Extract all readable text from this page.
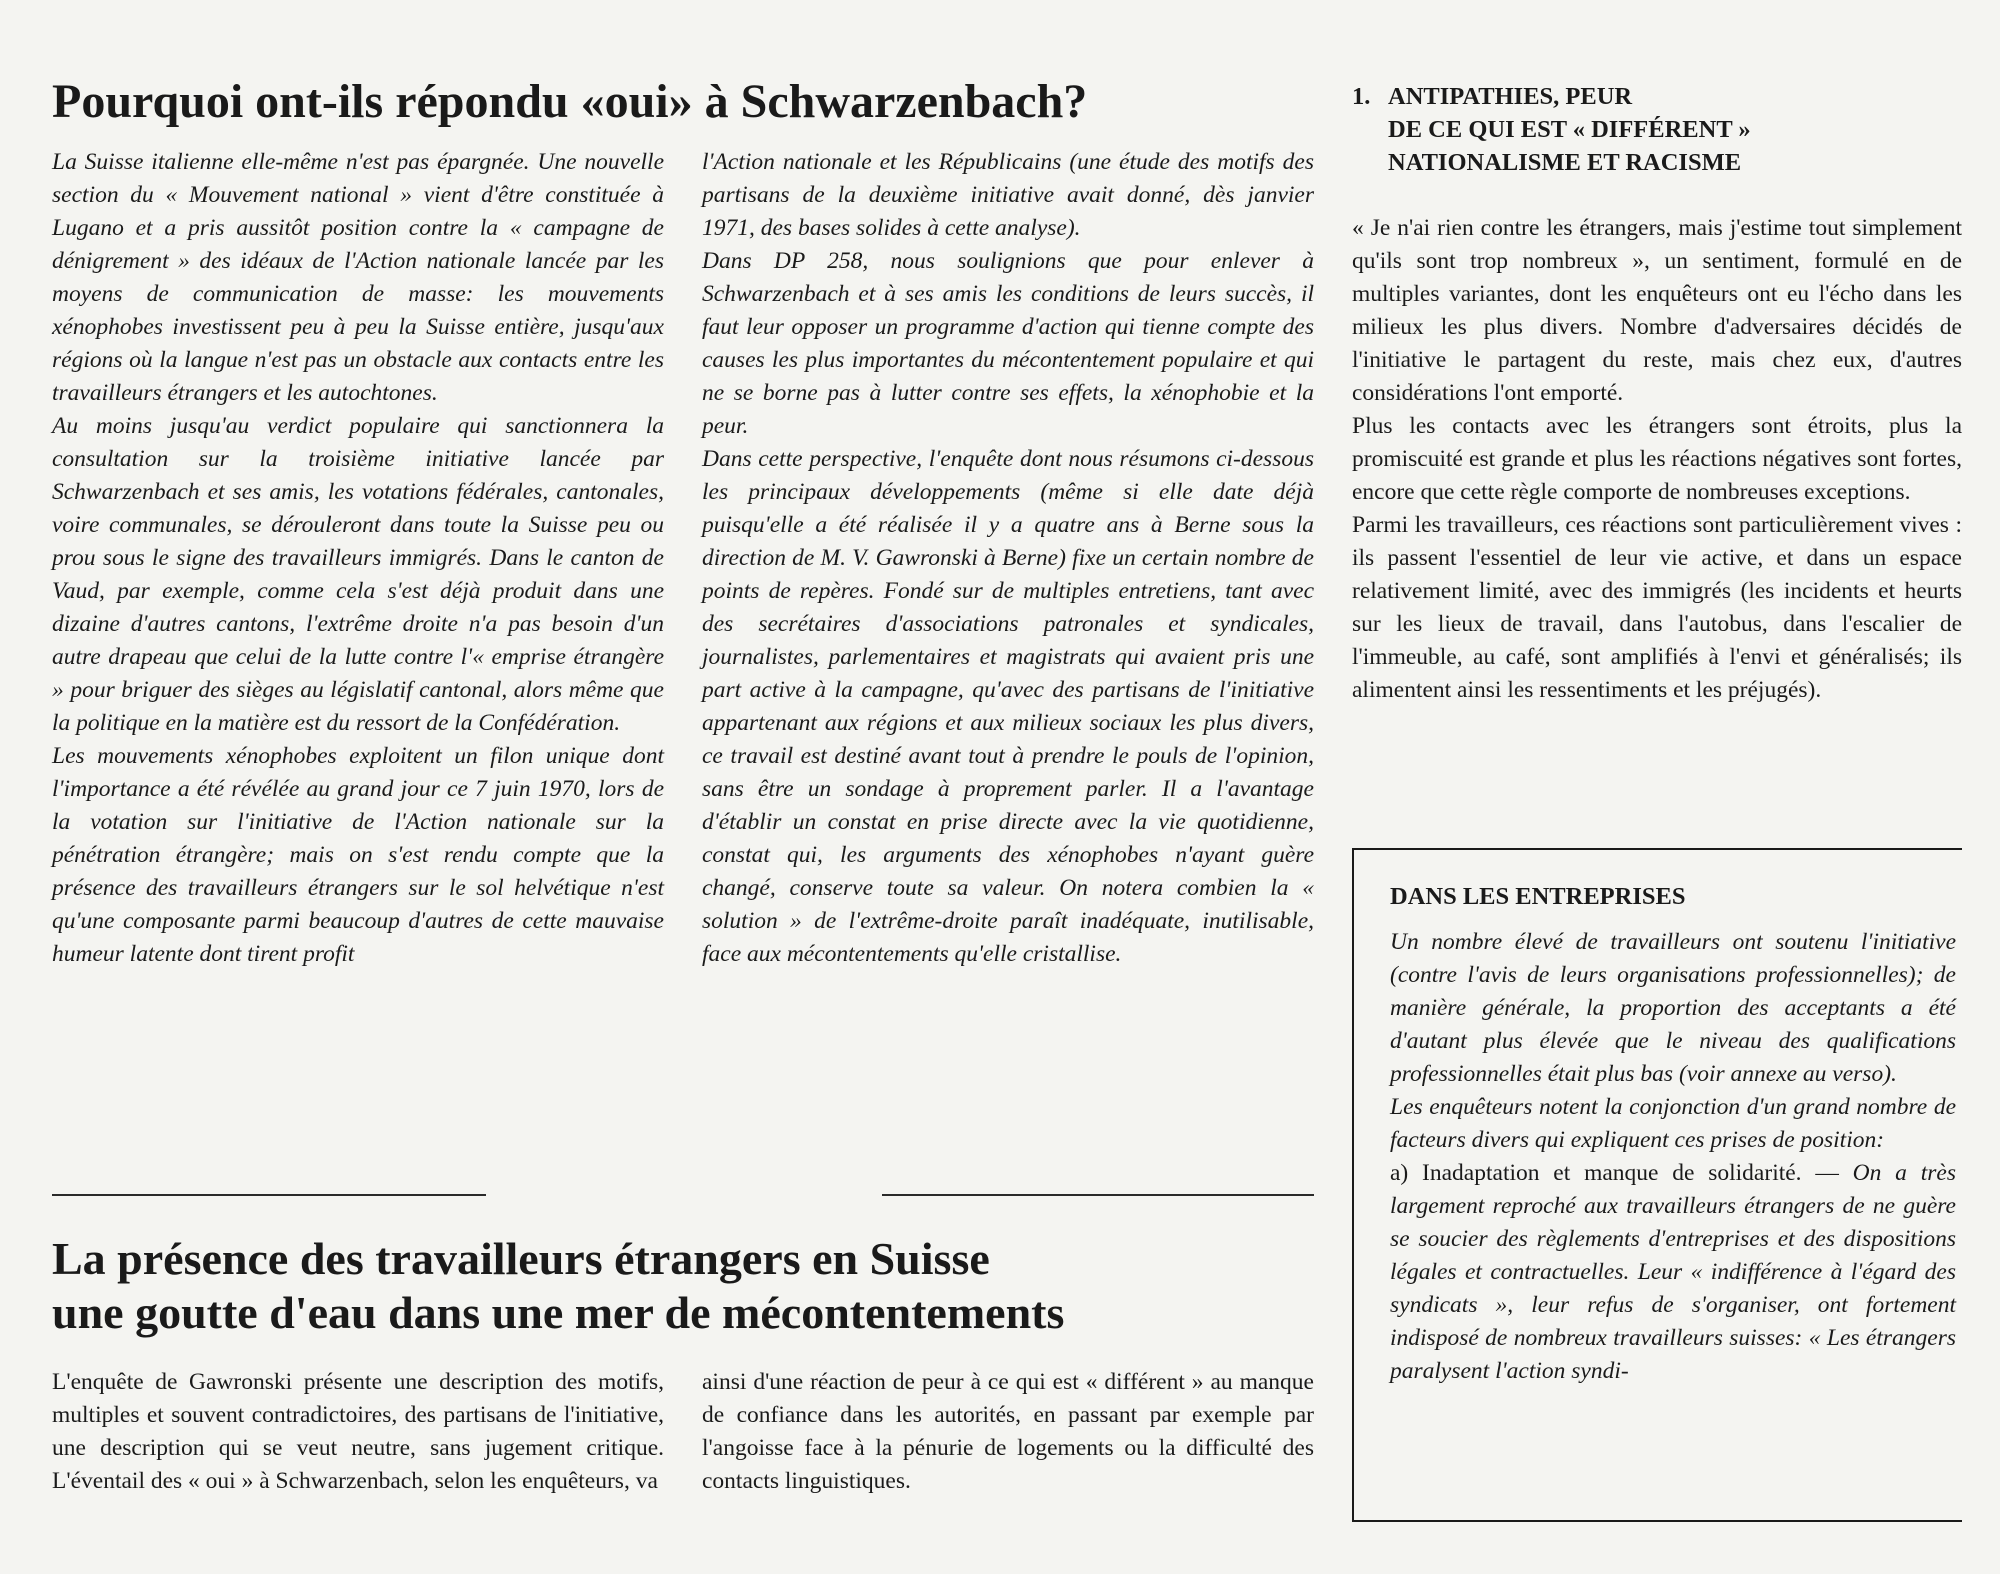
Pourquoi ont-ils répondu «oui» à Schwarzenbach?

La Suisse italienne elle-même n'est pas épargnée. Une nouvelle section du « Mouvement national » vient d'être constituée à Lugano et a pris aussitôt position contre la « campagne de dénigrement » des idéaux de l'Action nationale lancée par les moyens de communication de masse: les mouvements xénophobes investissent peu à peu la Suisse entière, jusqu'aux régions où la langue n'est pas un obstacle aux contacts entre les travailleurs étrangers et les autochtones.

Au moins jusqu'au verdict populaire qui sanctionnera la consultation sur la troisième initiative lancée par Schwarzenbach et ses amis, les votations fédérales, cantonales, voire communales, se dérouleront dans toute la Suisse peu ou prou sous le signe des travailleurs immigrés. Dans le canton de Vaud, par exemple, comme cela s'est déjà produit dans une dizaine d'autres cantons, l'extrême droite n'a pas besoin d'un autre drapeau que celui de la lutte contre l'« emprise étrangère » pour briguer des sièges au législatif cantonal, alors même que la politique en la matière est du ressort de la Confédération.

Les mouvements xénophobes exploitent un filon unique dont l'importance a été révélée au grand jour ce 7 juin 1970, lors de la votation sur l'initiative de l'Action nationale sur la pénétration étrangère; mais on s'est rendu compte que la présence des travailleurs étrangers sur le sol helvétique n'est qu'une composante parmi beaucoup d'autres de cette mauvaise humeur latente dont tirent profit

l'Action nationale et les Républicains (une étude des motifs des partisans de la deuxième initiative avait donné, dès janvier 1971, des bases solides à cette analyse).

Dans DP 258, nous soulignions que pour enlever à Schwarzenbach et à ses amis les conditions de leurs succès, il faut leur opposer un programme d'action qui tienne compte des causes les plus importantes du mécontentement populaire et qui ne se borne pas à lutter contre ses effets, la xénophobie et la peur.

Dans cette perspective, l'enquête dont nous résumons ci-dessous les principaux développements (même si elle date déjà puisqu'elle a été réalisée il y a quatre ans à Berne sous la direction de M. V. Gawronski à Berne) fixe un certain nombre de points de repères. Fondé sur de multiples entretiens, tant avec des secrétaires d'associations patronales et syndicales, journalistes, parlementaires et magistrats qui avaient pris une part active à la campagne, qu'avec des partisans de l'initiative appartenant aux régions et aux milieux sociaux les plus divers, ce travail est destiné avant tout à prendre le pouls de l'opinion, sans être un sondage à proprement parler. Il a l'avantage d'établir un constat en prise directe avec la vie quotidienne, constat qui, les arguments des xénophobes n'ayant guère changé, conserve toute sa valeur. On notera combien la « solution » de l'extrême-droite paraît inadéquate, inutilisable, face aux mécontentements qu'elle cristallise.

La présence des travailleurs étrangers en Suisse
une goutte d'eau dans une mer de mécontentements

L'enquête de Gawronski présente une description des motifs, multiples et souvent contradictoires, des partisans de l'initiative, une description qui se veut neutre, sans jugement critique. L'éventail des « oui » à Schwarzenbach, selon les enquêteurs, va

ainsi d'une réaction de peur à ce qui est « différent » au manque de confiance dans les autorités, en passant par exemple par l'angoisse face à la pénurie de logements ou la difficulté des contacts linguistiques.

1. ANTIPATHIES, PEUR
DE CE QUI EST « DIFFÉRENT »
NATIONALISME ET RACISME

« Je n'ai rien contre les étrangers, mais j'estime tout simplement qu'ils sont trop nombreux », un sentiment, formulé en de multiples variantes, dont les enquêteurs ont eu l'écho dans les milieux les plus divers. Nombre d'adversaires décidés de l'initiative le partagent du reste, mais chez eux, d'autres considérations l'ont emporté.

Plus les contacts avec les étrangers sont étroits, plus la promiscuité est grande et plus les réactions négatives sont fortes, encore que cette règle comporte de nombreuses exceptions.

Parmi les travailleurs, ces réactions sont particulièrement vives : ils passent l'essentiel de leur vie active, et dans un espace relativement limité, avec des immigrés (les incidents et heurts sur les lieux de travail, dans l'autobus, dans l'escalier de l'immeuble, au café, sont amplifiés à l'envi et généralisés; ils alimentent ainsi les ressentiments et les préjugés).

DANS LES ENTREPRISES

Un nombre élevé de travailleurs ont soutenu l'initiative (contre l'avis de leurs organisations professionnelles); de manière générale, la proportion des acceptants a été d'autant plus élevée que le niveau des qualifications professionnelles était plus bas (voir annexe au verso).

Les enquêteurs notent la conjonction d'un grand nombre de facteurs divers qui expliquent ces prises de position:

a) Inadaptation et manque de solidarité. — On a très largement reproché aux travailleurs étrangers de ne guère se soucier des règlements d'entreprises et des dispositions légales et contractuelles. Leur « indifférence à l'égard des syndicats », leur refus de s'organiser, ont fortement indisposé de nombreux travailleurs suisses: « Les étrangers paralysent l'action syndi-
